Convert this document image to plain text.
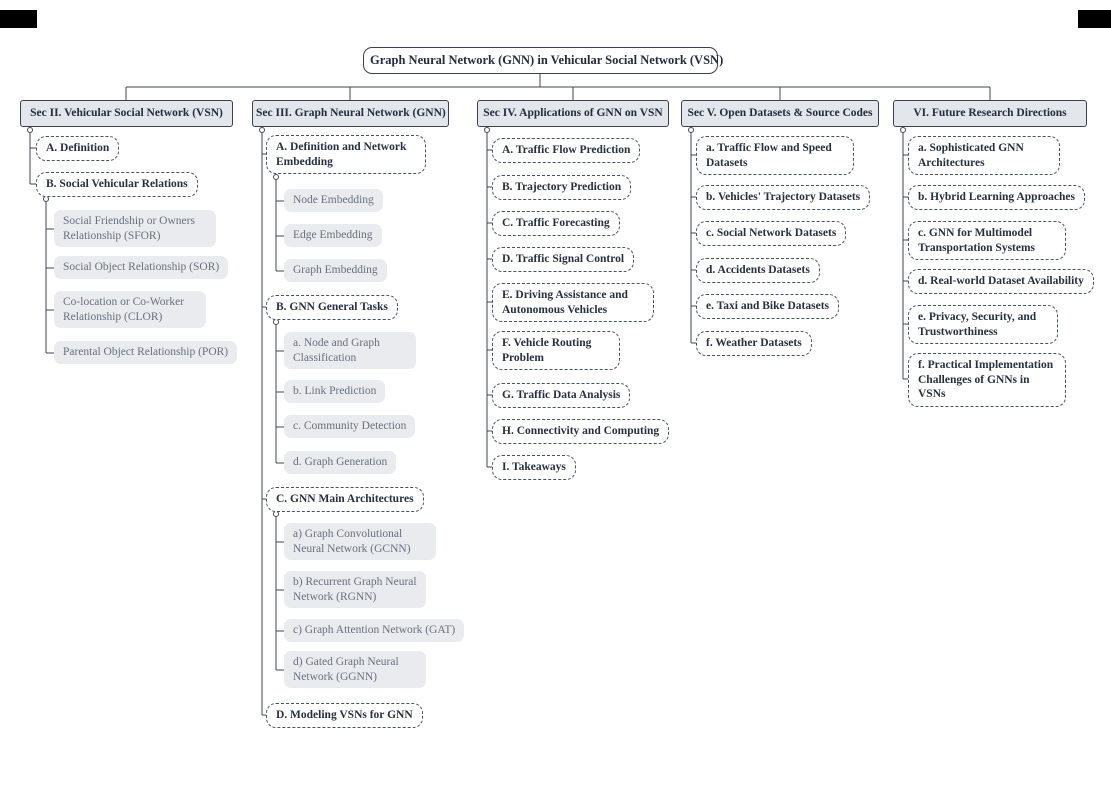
Graph Neural Network (GNN) in Vehicular Social Network (VSN)
Sec II. Vehicular Social Network (VSN)	Sec III. Graph Neural Network (GNN)	Sec IV. Applications of GNN on VSN	Sec V. Open Datasets & Source Codes	VI. Future Research Directions
A. Definition
B. Social Vehicular Relations
Social Friendship or Owners Relationship (SFOR)
Social Object Relationship (SOR)
Co-location or Co-Worker Relationship (CLOR)
Parental Object Relationship (POR)
A. Definition and Network Embedding
Node Embedding
Edge Embedding
Graph Embedding
B. GNN General Tasks
a. Node and Graph Classification
b. Link Prediction
c. Community Detection
d. Graph Generation
C. GNN Main Architectures
a) Graph Convolutional Neural Network (GCNN)
b) Recurrent Graph Neural Network (RGNN)
c) Graph Attention Network (GAT)
d) Gated Graph Neural Network (GGNN)
D. Modeling VSNs for GNN
A. Traffic Flow Prediction
B. Trajectory Prediction
C. Traffic Forecasting
D. Traffic Signal Control
E. Driving Assistance and Autonomous Vehicles
F. Vehicle Routing Problem
G. Traffic Data Analysis
H. Connectivity and Computing
I. Takeaways
a. Traffic Flow and Speed Datasets
b. Vehicles' Trajectory Datasets
c. Social Network Datasets
d. Accidents Datasets
e. Taxi and Bike Datasets
f. Weather Datasets
a. Sophisticated GNN Architectures
b. Hybrid Learning Approaches
c. GNN for Multimodel Transportation Systems
d. Real-world Dataset Availability
e. Privacy, Security, and Trustworthiness
f. Practical Implementation Challenges of GNNs in VSNs
